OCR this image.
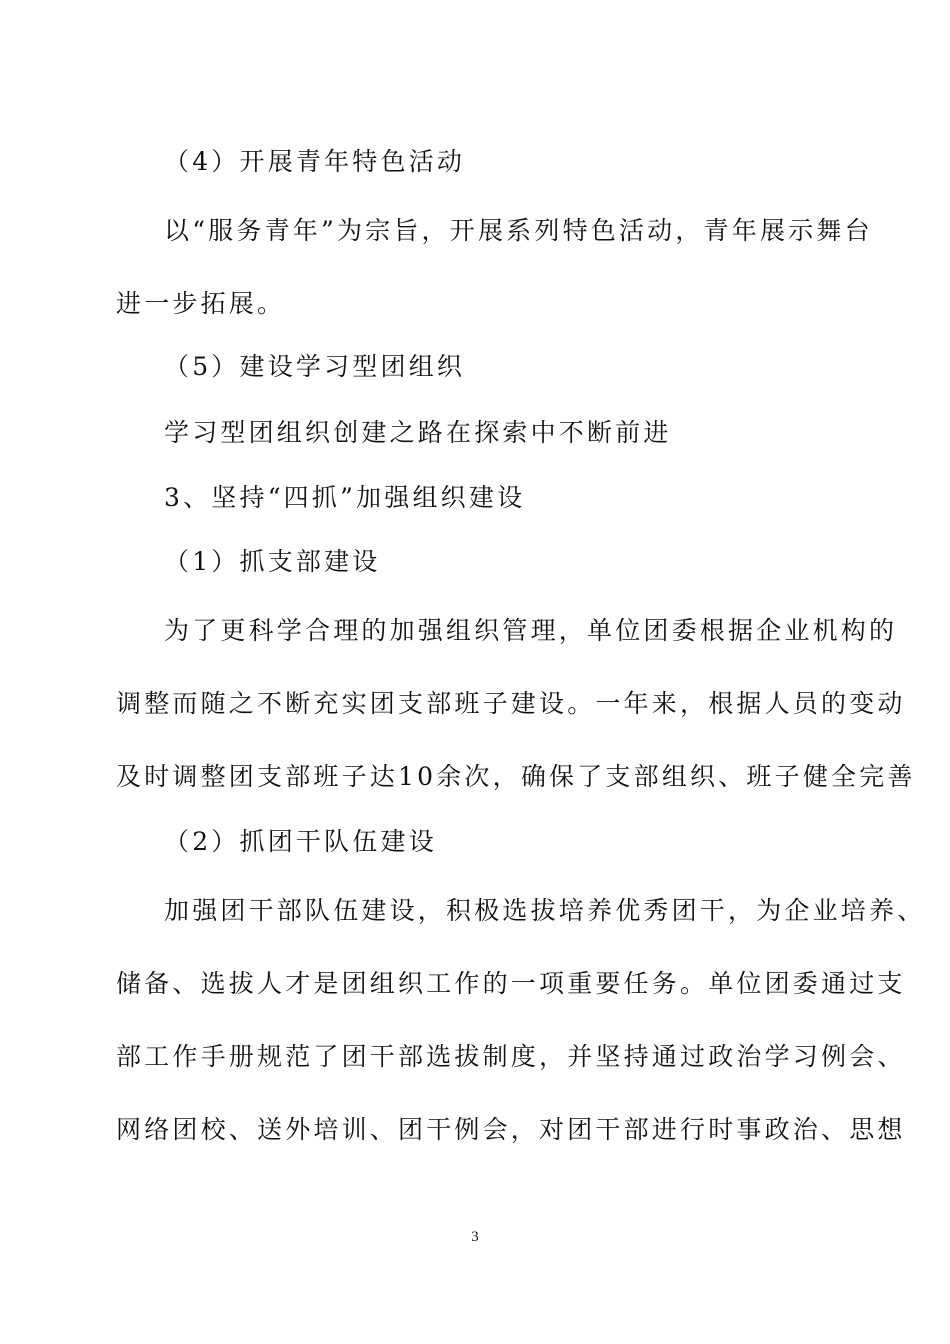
（4）开展青年特色活动
以“服务青年”为宗旨，开展系列特色活动，青年展示舞台
进一步拓展。
（5）建设学习型团组织
学习型团组织创建之路在探索中不断前进
3、坚持“四抓”加强组织建设
（1）抓支部建设
为了更科学合理的加强组织管理，单位团委根据企业机构的
调整而随之不断充实团支部班子建设。一年来，根据人员的变动
及时调整团支部班子达10余次，确保了支部组织、班子健全完善
（2）抓团干队伍建设
加强团干部队伍建设，积极选拔培养优秀团干，为企业培养、
储备、选拔人才是团组织工作的一项重要任务。单位团委通过支
部工作手册规范了团干部选拔制度，并坚持通过政治学习例会、
网络团校、送外培训、团干例会，对团干部进行时事政治、思想
3
